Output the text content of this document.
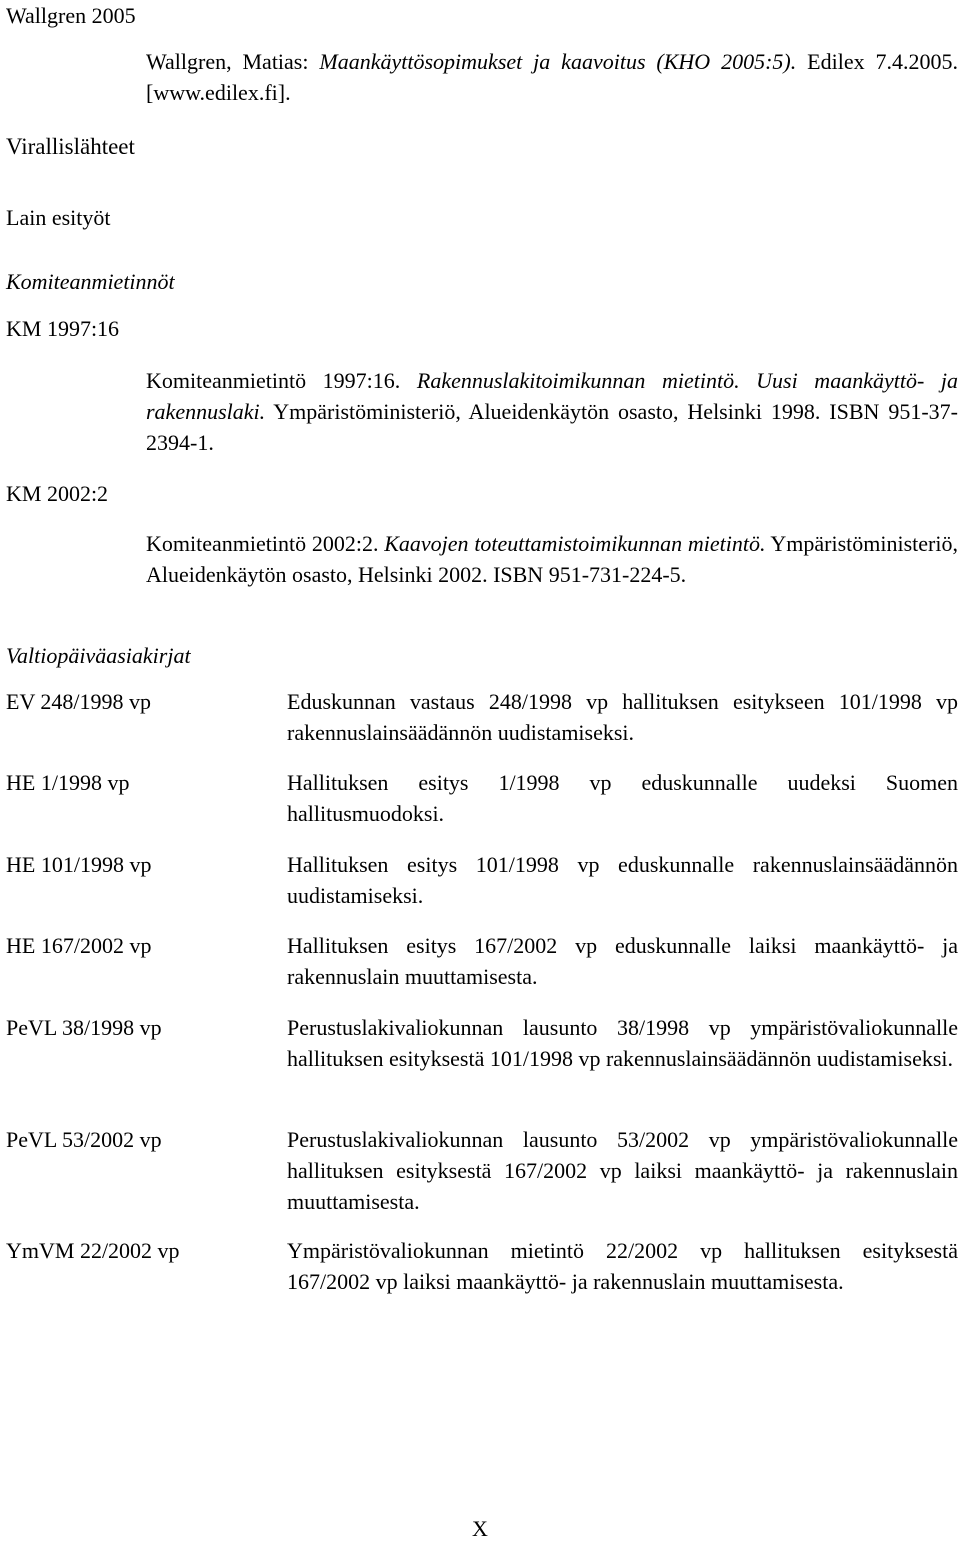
Wallgren 2005

Wallgren, Matias: Maankäyttösopimukset ja kaavoitus (KHO 2005:5). Edilex 7.4.2005. [www.edilex.fi].

Virallislähteet

Lain esityöt

Komiteanmietinnöt

KM 1997:16

Komiteanmietintö 1997:16. Rakennuslakitoimikunnan mietintö. Uusi maankäyttö- ja rakennuslaki. Ympäristöministeriö, Alueidenkäytön osasto, Helsinki 1998. ISBN 951-37-2394-1.

KM 2002:2

Komiteanmietintö 2002:2. Kaavojen toteuttamistoimikunnan mietintö. Ympäristöministeriö, Alueidenkäytön osasto, Helsinki 2002. ISBN 951-731-224-5.

Valtiopäiväasiakirjat

EV 248/1998 vp	Eduskunnan vastaus 248/1998 vp hallituksen esitykseen 101/1998 vp rakennuslainsäädännön uudistamiseksi.

HE 1/1998 vp	Hallituksen esitys 1/1998 vp eduskunnalle uudeksi Suomen hallitusmuodoksi.

HE 101/1998 vp	Hallituksen esitys 101/1998 vp eduskunnalle rakennuslainsäädännön uudistamiseksi.

HE 167/2002 vp	Hallituksen esitys 167/2002 vp eduskunnalle laiksi maankäyttö- ja rakennuslain muuttamisesta.

PeVL 38/1998 vp	Perustuslakivaliokunnan lausunto 38/1998 vp ympäristövaliokunnalle hallituksen esityksestä 101/1998 vp rakennuslainsäädännön uudistamiseksi.

PeVL 53/2002 vp	Perustuslakivaliokunnan lausunto 53/2002 vp ympäristövaliokunnalle hallituksen esityksestä 167/2002 vp laiksi maankäyttö- ja rakennuslain muuttamisesta.

YmVM 22/2002 vp	Ympäristövaliokunnan mietintö 22/2002 vp hallituksen esityksestä 167/2002 vp laiksi maankäyttö- ja rakennuslain muuttamisesta.

X
